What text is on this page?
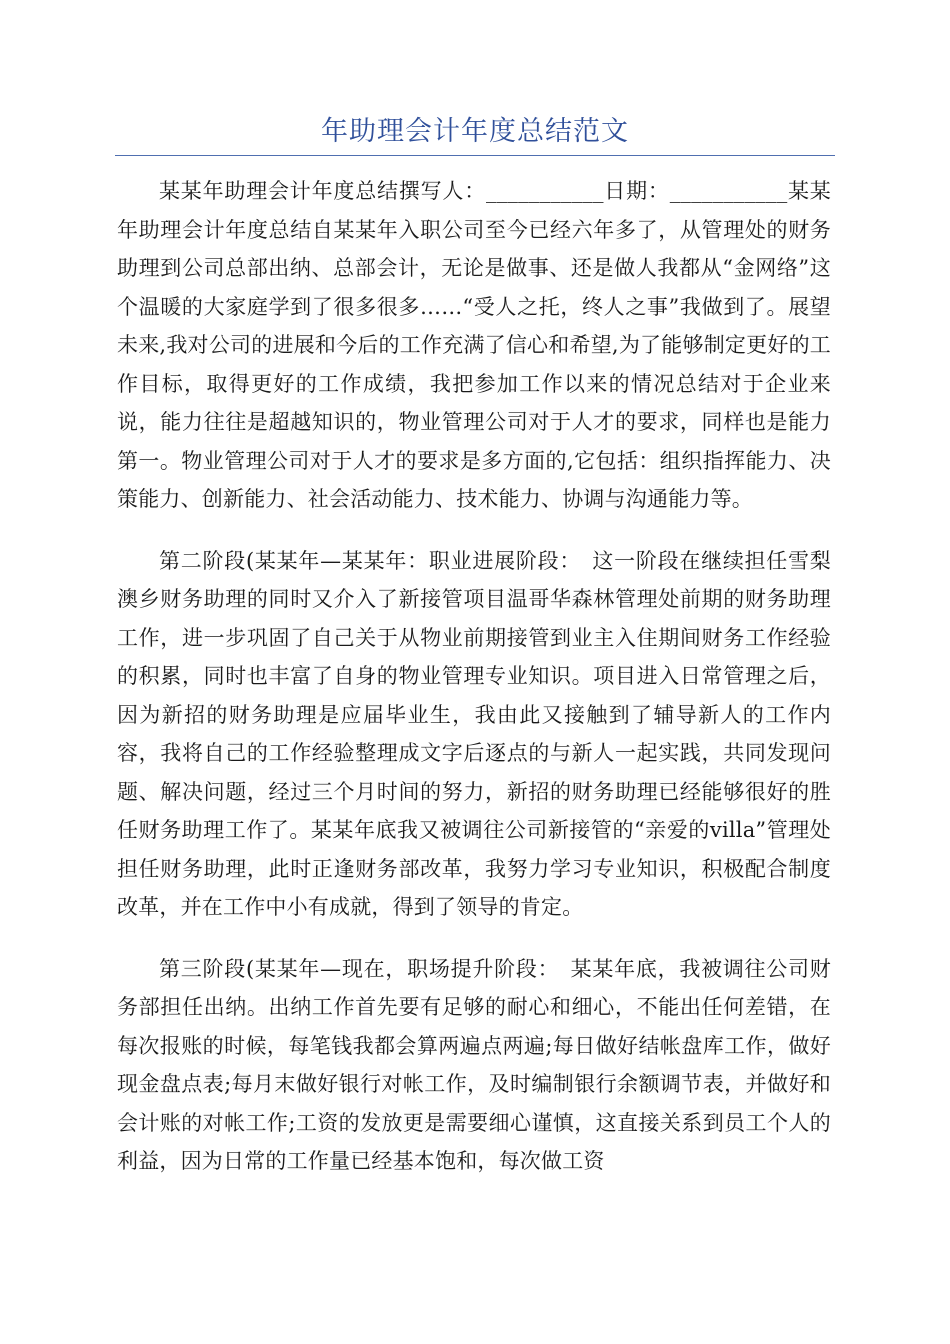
年助理会计年度总结范文

某某年助理会计年度总结撰写人：___________日期：___________某某年助理会计年度总结自某某年入职公司至今已经六年多了，从管理处的财务助理到公司总部出纳、总部会计，无论是做事、还是做人我都从“金网络”这个温暖的大家庭学到了很多很多……“受人之托，终人之事”我做到了。展望未来,我对公司的进展和今后的工作充满了信心和希望,为了能够制定更好的工作目标，取得更好的工作成绩，我把参加工作以来的情况总结对于企业来说，能力往往是超越知识的，物业管理公司对于人才的要求，同样也是能力第一。物业管理公司对于人才的要求是多方面的,它包括：组织指挥能力、决策能力、创新能力、社会活动能力、技术能力、协调与沟通能力等。

第二阶段(某某年—某某年：职业进展阶段：　这一阶段在继续担任雪梨澳乡财务助理的同时又介入了新接管项目温哥华森林管理处前期的财务助理工作，进一步巩固了自己关于从物业前期接管到业主入住期间财务工作经验的积累，同时也丰富了自身的物业管理专业知识。项目进入日常管理之后，因为新招的财务助理是应届毕业生，我由此又接触到了辅导新人的工作内容，我将自己的工作经验整理成文字后逐点的与新人一起实践，共同发现问题、解决问题，经过三个月时间的努力，新招的财务助理已经能够很好的胜任财务助理工作了。某某年底我又被调往公司新接管的“亲爱的villa”管理处担任财务助理，此时正逢财务部改革，我努力学习专业知识，积极配合制度改革，并在工作中小有成就，得到了领导的肯定。

第三阶段(某某年—现在，职场提升阶段：　某某年底，我被调往公司财务部担任出纳。出纳工作首先要有足够的耐心和细心，不能出任何差错，在每次报账的时候，每笔钱我都会算两遍点两遍;每日做好结帐盘库工作，做好现金盘点表;每月末做好银行对帐工作，及时编制银行余额调节表，并做好和会计账的对帐工作;工资的发放更是需要细心谨慎，这直接关系到员工个人的利益，因为日常的工作量已经基本饱和，每次做工资
